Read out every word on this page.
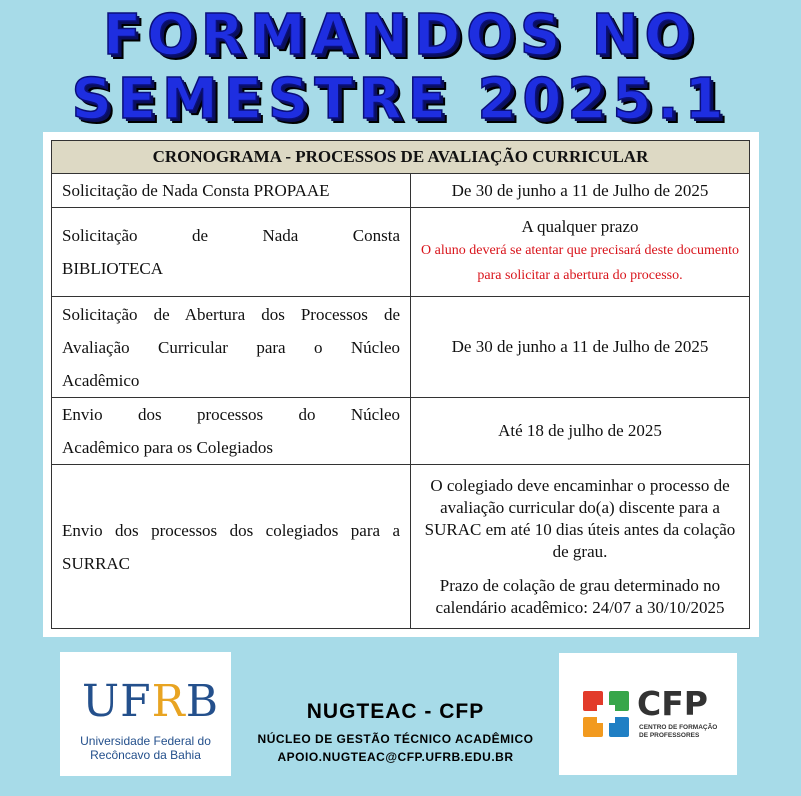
FORMANDOS NO
SEMESTRE 2025.1
CRONOGRAMA - PROCESSOS DE AVALIAÇÃO CURRICULAR	
Solicitação de Nada Consta PROPAAE	De 30 de junho a 11 de Julho de 2025

Solicitação de Nada Consta
BIBLIOTECA	A qualquer prazo
O aluno deverá se atentar que precisará deste documento para solicitar a abertura do processo.

Solicitação de Abertura dos Processos de
Avaliação Curricular para o Núcleo
Acadêmico	De 30 de junho a 11 de Julho de 2025

Envio dos processos do Núcleo
Acadêmico para os Colegiados	Até 18 de julho de 2025

Envio dos processos dos colegiados para a
SURRAC	O colegiado deve encaminhar o processo de avaliação curricular do(a) discente para a SURAC em até 10 dias úteis antes da colação de grau.
Prazo de colação de grau determinado no calendário acadêmico: 24/07 a 30/10/2025
UFRB
Universidade Federal do
Recôncavo da Bahia
NUGTEAC - CFP
NÚCLEO DE GESTÃO TÉCNICO ACADÊMICO
APOIO.NUGTEAC@CFP.UFRB.EDU.BR
CFP
CENTRO DE FORMAÇÃO
DE PROFESSORES
